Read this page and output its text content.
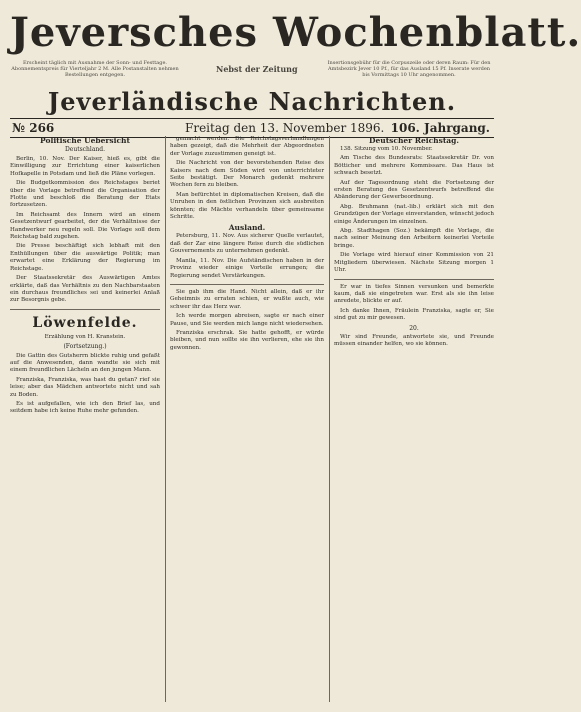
Jeversches Wochenblatt.
Erscheint täglich mit Ausnahme der Sonn- und Festtage. Abonnementspreis für Vierteljahr 2 M. Alle Postanstalten nehmen Bestellungen entgegen.
Nebst der Zeitung
Insertionsgebühr für die Corpuszeile oder deren Raum: Für den Amtsbezirk Jever 10 Pf., für das Ausland 15 Pf. Inserate werden bis Vormittags 10 Uhr angenommen.
Jeverländische Nachrichten.
№ 266	Freitag den 13. November 1896. 106. Jahrgang.
Politische Uebersicht
Deutschland.

Berlin, 10. Nov. Der Kaiser, hieß es, gibt die Einwilligung zur Errichtung einer kaiserlichen Hofkapelle in Potsdam und ließ die Pläne vorlegen.

Die Budgetkommission des Reichstages beriet über die Vorlage betreffend die Organisation der Flotte und beschloß die Beratung der Etats fortzusetzen.

Im Reichsamt des Innern wird an einem Gesetzentwurf gearbeitet, der die Verhältnisse der Handwerker neu regeln soll. Die Vorlage soll dem Reichstag bald zugehen.

Die Presse beschäftigt sich lebhaft mit den Enthüllungen über die auswärtige Politik; man erwartet eine Erklärung der Regierung im Reichstage.

Der Staatssekretär des Auswärtigen Amtes erklärte, daß das Verhältnis zu den Nachbarstaaten ein durchaus freundliches sei und keinerlei Anlaß zur Besorgnis gebe.

Löwenfelde.
Erzählung von H. Kranstein.
(Fortsetzung.)

Die Gattin des Gutsherrn blickte ruhig und gefaßt auf die Anwesenden, dann wandte sie sich mit einem freundlichen Lächeln an den jungen Mann.

Franziska, Franziska, was hast du getan? rief sie leise; aber das Mädchen antwortete nicht und sah zu Boden.

Es ist aufgefallen, wie ich den Brief las, und seitdem habe ich keine Ruhe mehr gefunden.

gemacht werden. Die Reichstagsverhandlungen haben gezeigt, daß die Mehrheit der Abgeordneten der Vorlage zuzustimmen geneigt ist.

Die Nachricht von der bevorstehenden Reise des Kaisers nach dem Süden wird von unterrichteter Seite bestätigt. Der Monarch gedenkt mehrere Wochen fern zu bleiben.

Man befürchtet in diplomatischen Kreisen, daß die Unruhen in den östlichen Provinzen sich ausbreiten könnten; die Mächte verhandeln über gemeinsame Schritte.

Ausland.

Petersburg, 11. Nov. Aus sicherer Quelle verlautet, daß der Zar eine längere Reise durch die südlichen Gouvernements zu unternehmen gedenkt.

Manila, 11. Nov. Die Aufständischen haben in der Provinz wieder einige Vorteile errungen; die Regierung sendet Verstärkungen.

Sie gab ihm die Hand. Nicht allein, daß er ihr Geheimnis zu erraten schien, er wußte auch, wie schwer ihr das Herz war.

Ich werde morgen abreisen, sagte er nach einer Pause, und Sie werden mich lange nicht wiedersehen.

Franziska erschrak. Sie hatte gehofft, er würde bleiben, und nun sollte sie ihn verlieren, ehe sie ihn gewonnen.

Deutscher Reichstag.

138. Sitzung vom 10. November.

Am Tische des Bundesrats: Staatssekretär Dr. von Bötticher und mehrere Kommissare. Das Haus ist schwach besetzt.

Auf der Tagesordnung steht die Fortsetzung der ersten Beratung des Gesetzentwurfs betreffend die Abänderung der Gewerbeordnung.

Abg. Bruhmann (nat.-lib.) erklärt sich mit den Grundzügen der Vorlage einverstanden, wünscht jedoch einige Änderungen im einzelnen.

Abg. Stadthagen (Soz.) bekämpft die Vorlage, die nach seiner Meinung den Arbeitern keinerlei Vorteile bringe.

Die Vorlage wird hierauf einer Kommission von 21 Mitgliedern überwiesen. Nächste Sitzung morgen 1 Uhr.

Er war in tiefes Sinnen versunken und bemerkte kaum, daß sie eingetreten war. Erst als sie ihn leise anredete, blickte er auf.

Ich danke Ihnen, Fräulein Franziska, sagte er, Sie sind gut zu mir gewesen.

20.

Wir sind Freunde, antwortete sie, und Freunde müssen einander helfen, wo sie können.
